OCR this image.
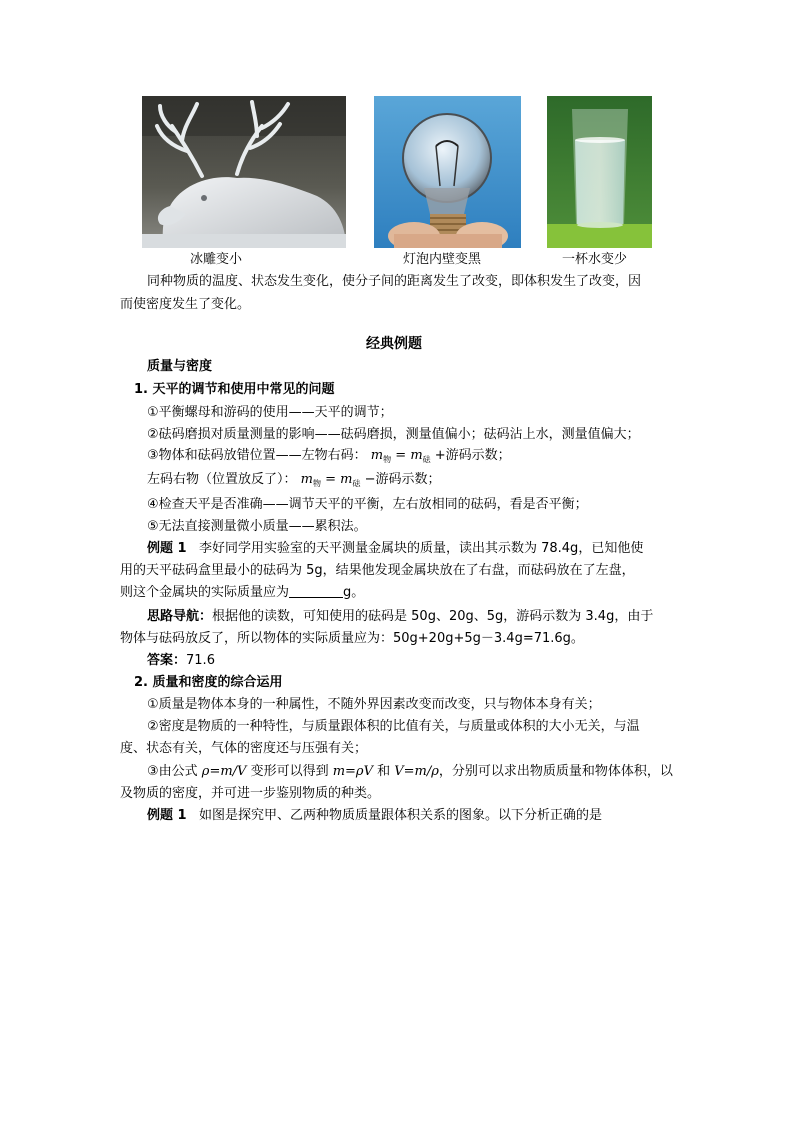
冰雕变小	灯泡内壁变黑	一杯水变少
同种物质的温度、状态发生变化，使分子间的距离发生了改变，即体积发生了改变，因
而使密度发生了变化。
经典例题
质量与密度
1. 天平的调节和使用中常见的问题
①平衡螺母和游码的使用——天平的调节；
②砝码磨损对质量测量的影响——砝码磨损，测量值偏小；砝码沾上水，测量值偏大；
③物体和砝码放错位置——左物右码： $m_物 = m_砝$ +游码示数；
左码右物（位置放反了）： $m_物 = m_砝$ −游码示数；
④检查天平是否准确——调节天平的平衡，左右放相同的砝码，看是否平衡；
⑤无法直接测量微小质量——累积法。
例题 1 李好同学用实验室的天平测量金属块的质量，读出其示数为 78.4g，已知他使
用的天平砝码盒里最小的砝码为 5g，结果他发现金属块放在了右盘，而砝码放在了左盘，
则这个金属块的实际质量应为	g。
思路导航：根据他的读数，可知使用的砝码是 50g、20g、5g，游码示数为 3.4g，由于
物体与砝码放反了，所以物体的实际质量应为：50g+20g+5g－3.4g=71.6g。
答案：71.6
2. 质量和密度的综合运用
①质量是物体本身的一种属性，不随外界因素改变而改变，只与物体本身有关；
②密度是物质的一种特性，与质量跟体积的比值有关，与质量或体积的大小无关，与温
度、状态有关，气体的密度还与压强有关；
③由公式 ρ=m/V 变形可以得到 m=ρV 和 V=m/ρ，分别可以求出物质质量和物体体积，以
及物质的密度，并可进一步鉴别物质的种类。
例题 1 如图是探究甲、乙两种物质质量跟体积关系的图象。以下分析正确的是
